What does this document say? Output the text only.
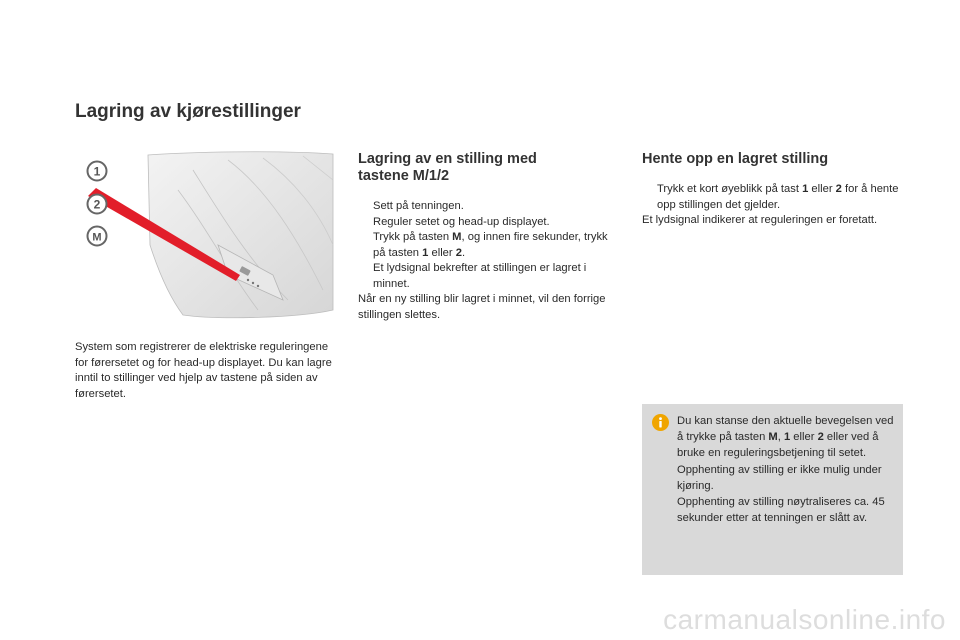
Lagring av kjørestillinger
1
2
M

System som registrerer de elektriske reguleringene for førersetet og for head-up displayet. Du kan lagre inntil to stillinger ved hjelp av tastene på siden av førersetet.

Lagring av en stilling med
tastene M/1/2
Sett på tenningen.
Reguler setet og head-up displayet.
Trykk på tasten M, og innen fire sekunder, trykk på tasten 1 eller 2.
Et lydsignal bekrefter at stillingen er lagret i minnet.

Når en ny stilling blir lagret i minnet, vil den forrige stillingen slettes.

Hente opp en lagret stilling
Trykk et kort øyeblikk på tast 1 eller 2 for å hente opp stillingen det gjelder.

Et lydsignal indikerer at reguleringen er foretatt.

Du kan stanse den aktuelle bevegelsen ved å trykke på tasten M, 1 eller 2 eller ved å bruke en reguleringsbetjening til setet.
Opphenting av stilling er ikke mulig under kjøring.
Opphenting av stilling nøytraliseres ca. 45 sekunder etter at tenningen er slått av.
carmanualsonline.info
